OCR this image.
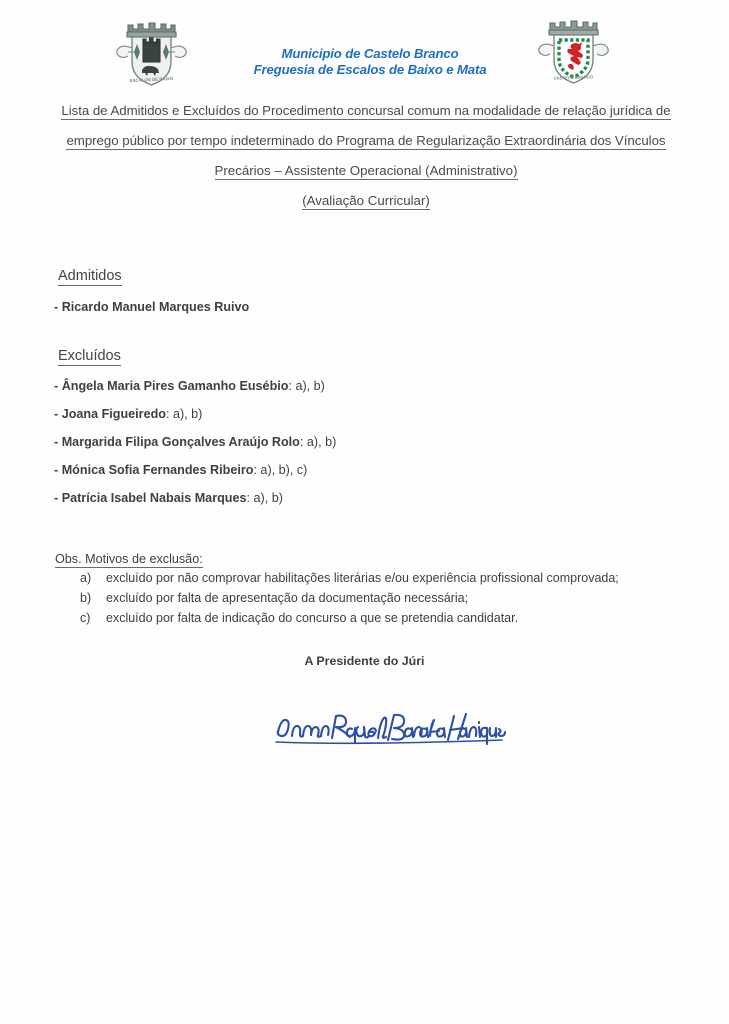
ESCALOS DE BAIXO
Municipio de Castelo Branco
Freguesia de Escalos de Baixo e Mata
CASTELO BRANCO
Lista de Admitidos e Excluídos do Procedimento concursal comum na modalidade de relação jurídica de
emprego público por tempo indeterminado do Programa de Regularização Extraordinária dos Vínculos
Precários – Assistente Operacional (Administrativo)
(Avaliação Curricular)
Admitidos
- Ricardo Manuel Marques Ruivo
Excluídos
- Ângela Maria Pires Gamanho Eusébio: a), b)
- Joana Figueiredo: a), b)
- Margarida Filipa Gonçalves Araújo Rolo: a), b)
- Mónica Sofia Fernandes Ribeiro: a), b), c)
- Patrícia Isabel Nabais Marques: a), b)
Obs. Motivos de exclusão:
a) excluído por não comprovar habilitações literárias e/ou experiência profissional comprovada;
b) excluído por falta de apresentação da documentação necessária;
c) excluído por falta de indicação do concurso a que se pretendia candidatar.
A Presidente do Júri
